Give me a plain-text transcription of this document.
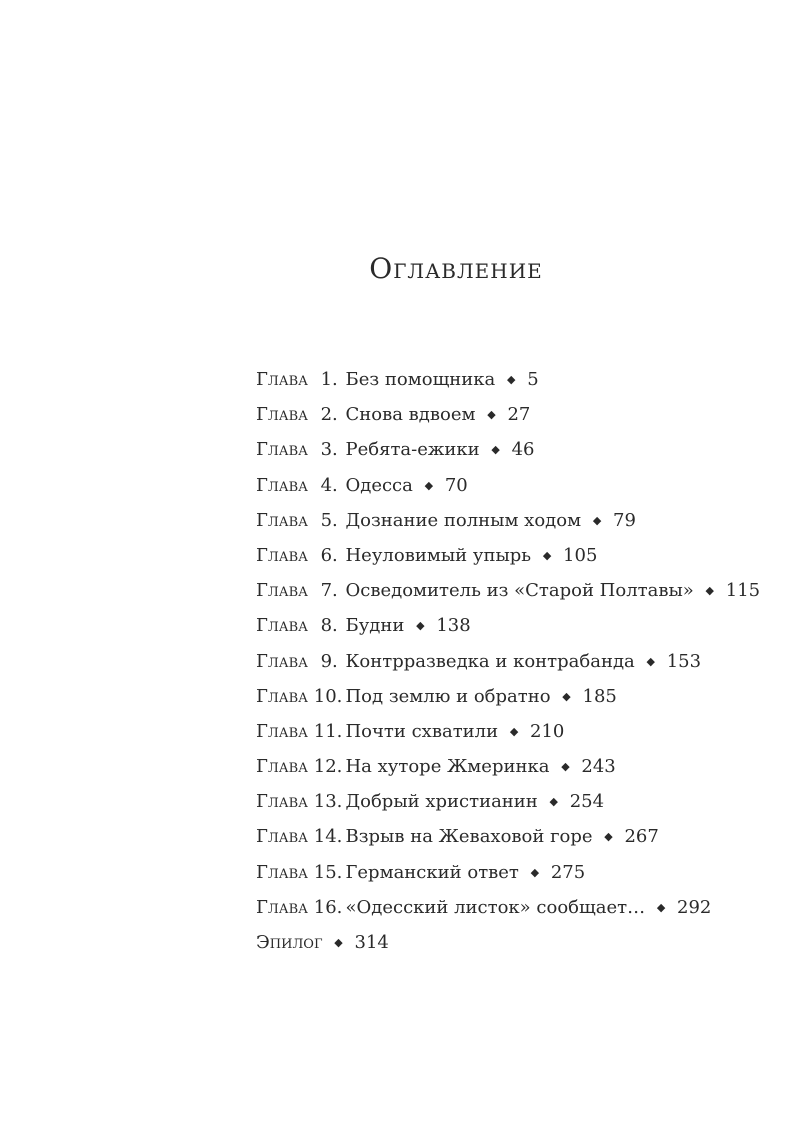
Оглавление
Глава 1. Без помощника ◆ 5
Глава 2. Снова вдвоем ◆ 27
Глава 3. Ребята-ежики ◆ 46
Глава 4. Одесса ◆ 70
Глава 5. Дознание полным ходом ◆ 79
Глава 6. Неуловимый упырь ◆ 105
Глава 7. Осведомитель из «Старой Полтавы» ◆ 115
Глава 8. Будни ◆ 138
Глава 9. Контрразведка и контрабанда ◆ 153
Глава 10. Под землю и обратно ◆ 185
Глава 11. Почти схватили ◆ 210
Глава 12. На хуторе Жмеринка ◆ 243
Глава 13. Добрый христианин ◆ 254
Глава 14. Взрыв на Жеваховой горе ◆ 267
Глава 15. Германский ответ ◆ 275
Глава 16. «Одесский листок» сообщает… ◆ 292
Эпилог ◆ 314
